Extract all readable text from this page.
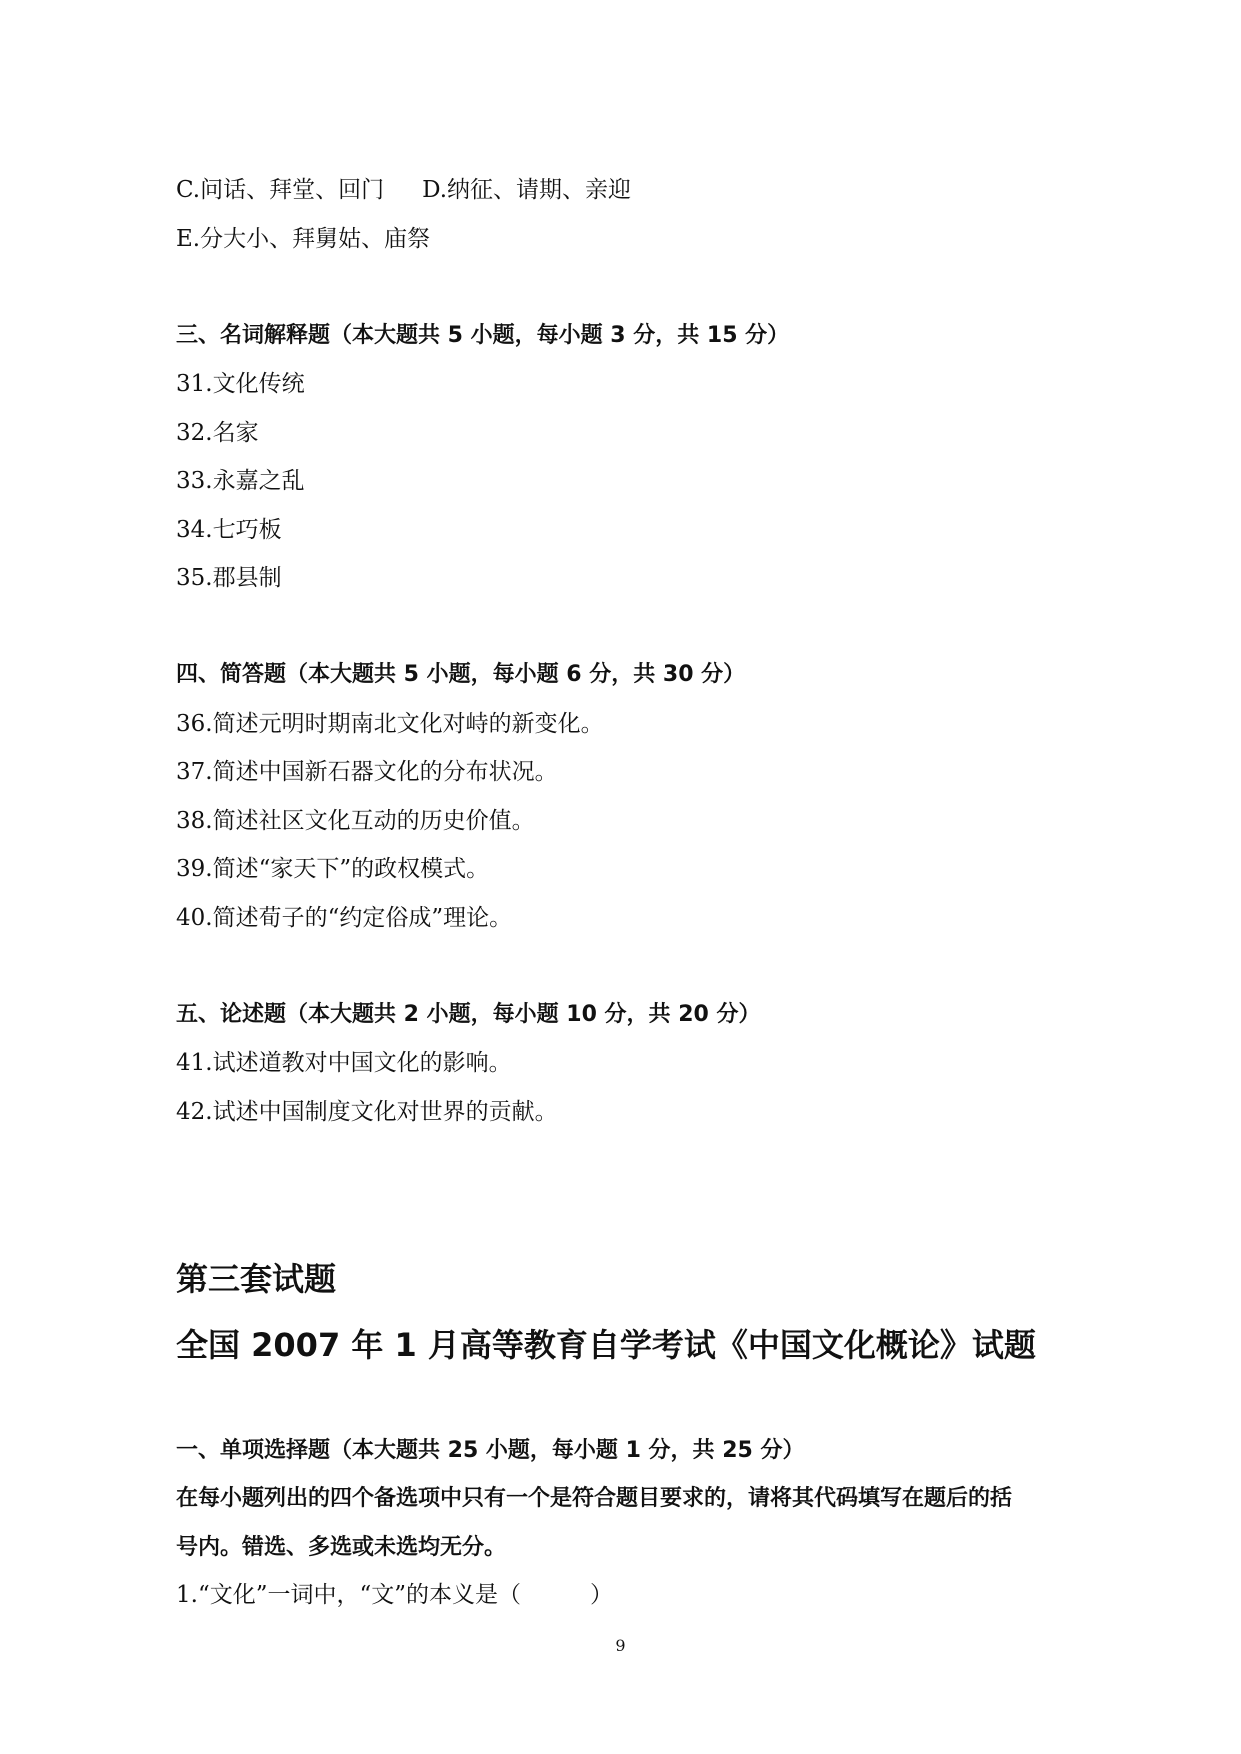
C.问话、拜堂、回门 D.纳征、请期、亲迎
E.分大小、拜舅姑、庙祭
三、名词解释题（本大题共 5 小题，每小题 3 分，共 15 分）
31.文化传统
32.名家
33.永嘉之乱
34.七巧板
35.郡县制
四、简答题（本大题共 5 小题，每小题 6 分，共 30 分）
36.简述元明时期南北文化对峙的新变化。
37.简述中国新石器文化的分布状况。
38.简述社区文化互动的历史价值。
39.简述“家天下”的政权模式。
40.简述荀子的“约定俗成”理论。
五、论述题（本大题共 2 小题，每小题 10 分，共 20 分）
41.试述道教对中国文化的影响。
42.试述中国制度文化对世界的贡献。
第三套试题
全国 2007 年 1 月高等教育自学考试《中国文化概论》试题
一、单项选择题（本大题共 25 小题，每小题 1 分，共 25 分）
在每小题列出的四个备选项中只有一个是符合题目要求的，请将其代码填写在题后的括
号内。错选、多选或未选均无分。
1.“文化”一词中，“文”的本义是（　　　）
9
